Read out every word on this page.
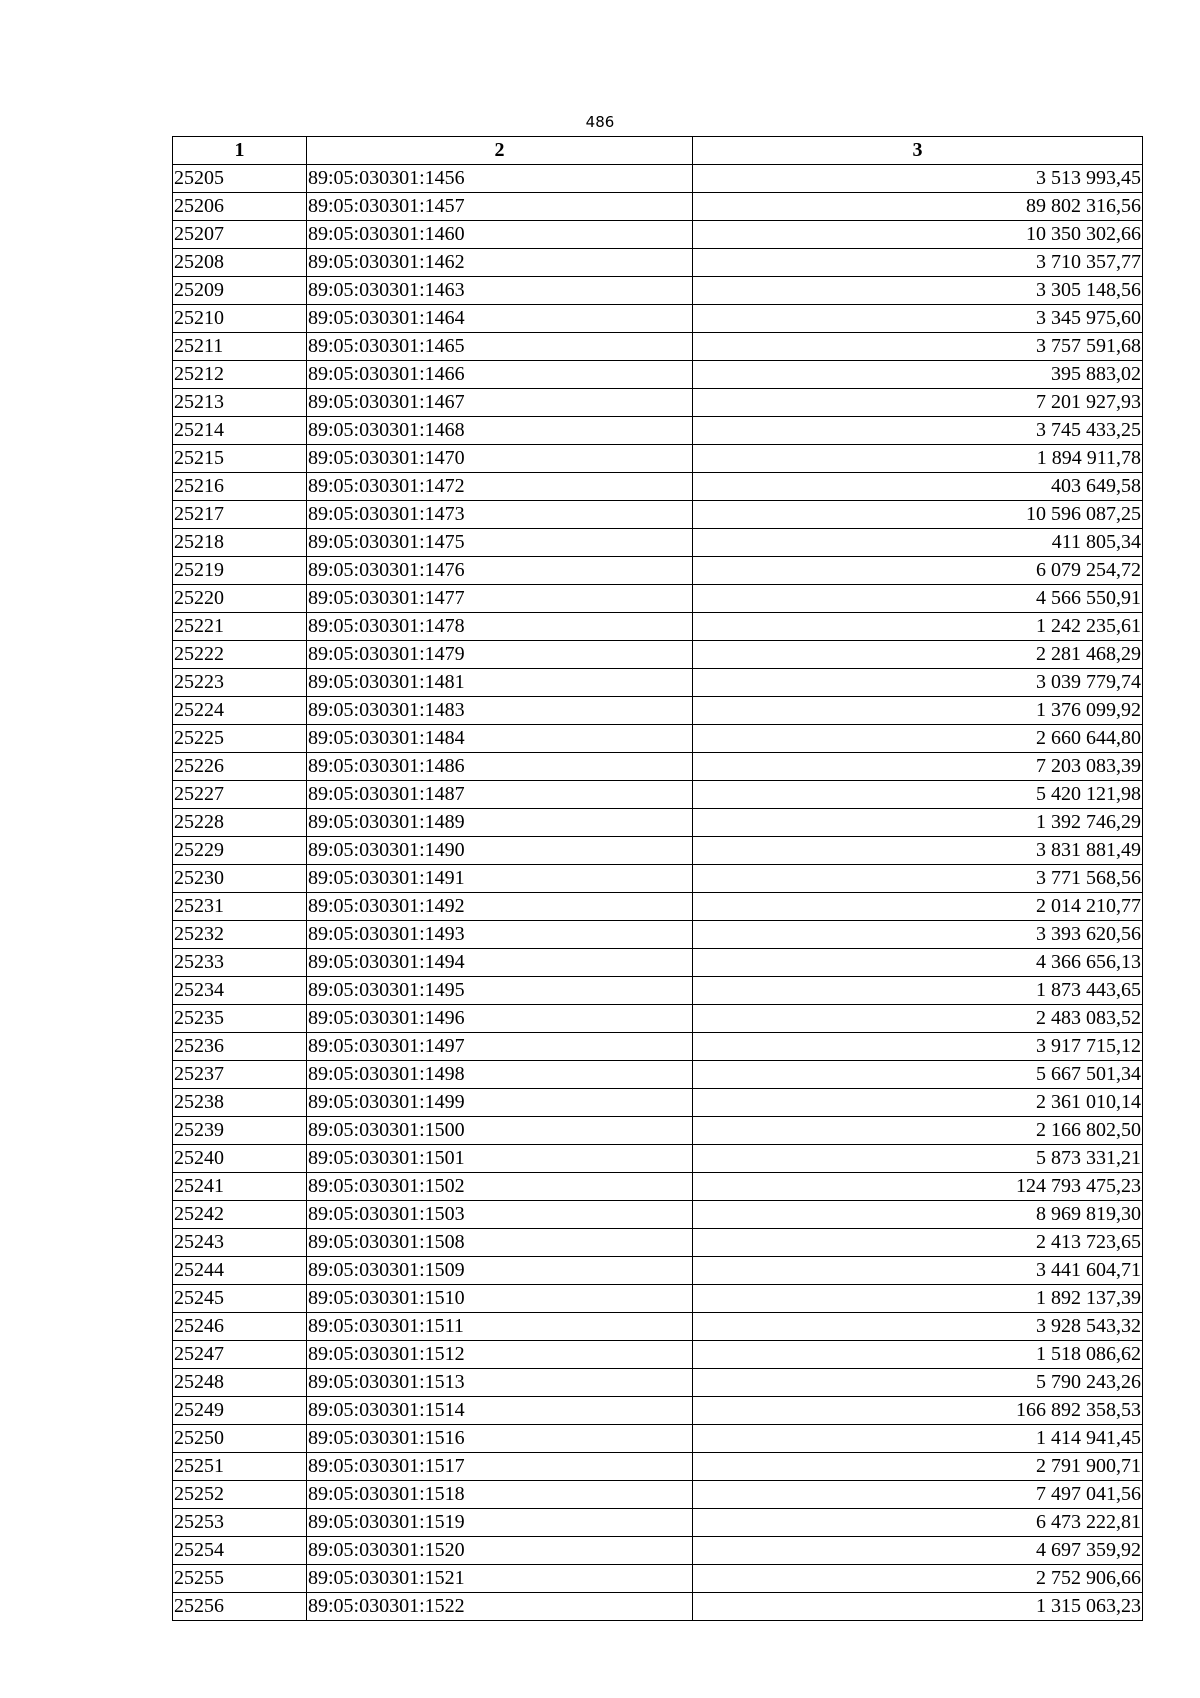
486
1	2	3
25205	89:05:030301:1456	3 513 993,45
25206	89:05:030301:1457	89 802 316,56
25207	89:05:030301:1460	10 350 302,66
25208	89:05:030301:1462	3 710 357,77
25209	89:05:030301:1463	3 305 148,56
25210	89:05:030301:1464	3 345 975,60
25211	89:05:030301:1465	3 757 591,68
25212	89:05:030301:1466	395 883,02
25213	89:05:030301:1467	7 201 927,93
25214	89:05:030301:1468	3 745 433,25
25215	89:05:030301:1470	1 894 911,78
25216	89:05:030301:1472	403 649,58
25217	89:05:030301:1473	10 596 087,25
25218	89:05:030301:1475	411 805,34
25219	89:05:030301:1476	6 079 254,72
25220	89:05:030301:1477	4 566 550,91
25221	89:05:030301:1478	1 242 235,61
25222	89:05:030301:1479	2 281 468,29
25223	89:05:030301:1481	3 039 779,74
25224	89:05:030301:1483	1 376 099,92
25225	89:05:030301:1484	2 660 644,80
25226	89:05:030301:1486	7 203 083,39
25227	89:05:030301:1487	5 420 121,98
25228	89:05:030301:1489	1 392 746,29
25229	89:05:030301:1490	3 831 881,49
25230	89:05:030301:1491	3 771 568,56
25231	89:05:030301:1492	2 014 210,77
25232	89:05:030301:1493	3 393 620,56
25233	89:05:030301:1494	4 366 656,13
25234	89:05:030301:1495	1 873 443,65
25235	89:05:030301:1496	2 483 083,52
25236	89:05:030301:1497	3 917 715,12
25237	89:05:030301:1498	5 667 501,34
25238	89:05:030301:1499	2 361 010,14
25239	89:05:030301:1500	2 166 802,50
25240	89:05:030301:1501	5 873 331,21
25241	89:05:030301:1502	124 793 475,23
25242	89:05:030301:1503	8 969 819,30
25243	89:05:030301:1508	2 413 723,65
25244	89:05:030301:1509	3 441 604,71
25245	89:05:030301:1510	1 892 137,39
25246	89:05:030301:1511	3 928 543,32
25247	89:05:030301:1512	1 518 086,62
25248	89:05:030301:1513	5 790 243,26
25249	89:05:030301:1514	166 892 358,53
25250	89:05:030301:1516	1 414 941,45
25251	89:05:030301:1517	2 791 900,71
25252	89:05:030301:1518	7 497 041,56
25253	89:05:030301:1519	6 473 222,81
25254	89:05:030301:1520	4 697 359,92
25255	89:05:030301:1521	2 752 906,66
25256	89:05:030301:1522	1 315 063,23
